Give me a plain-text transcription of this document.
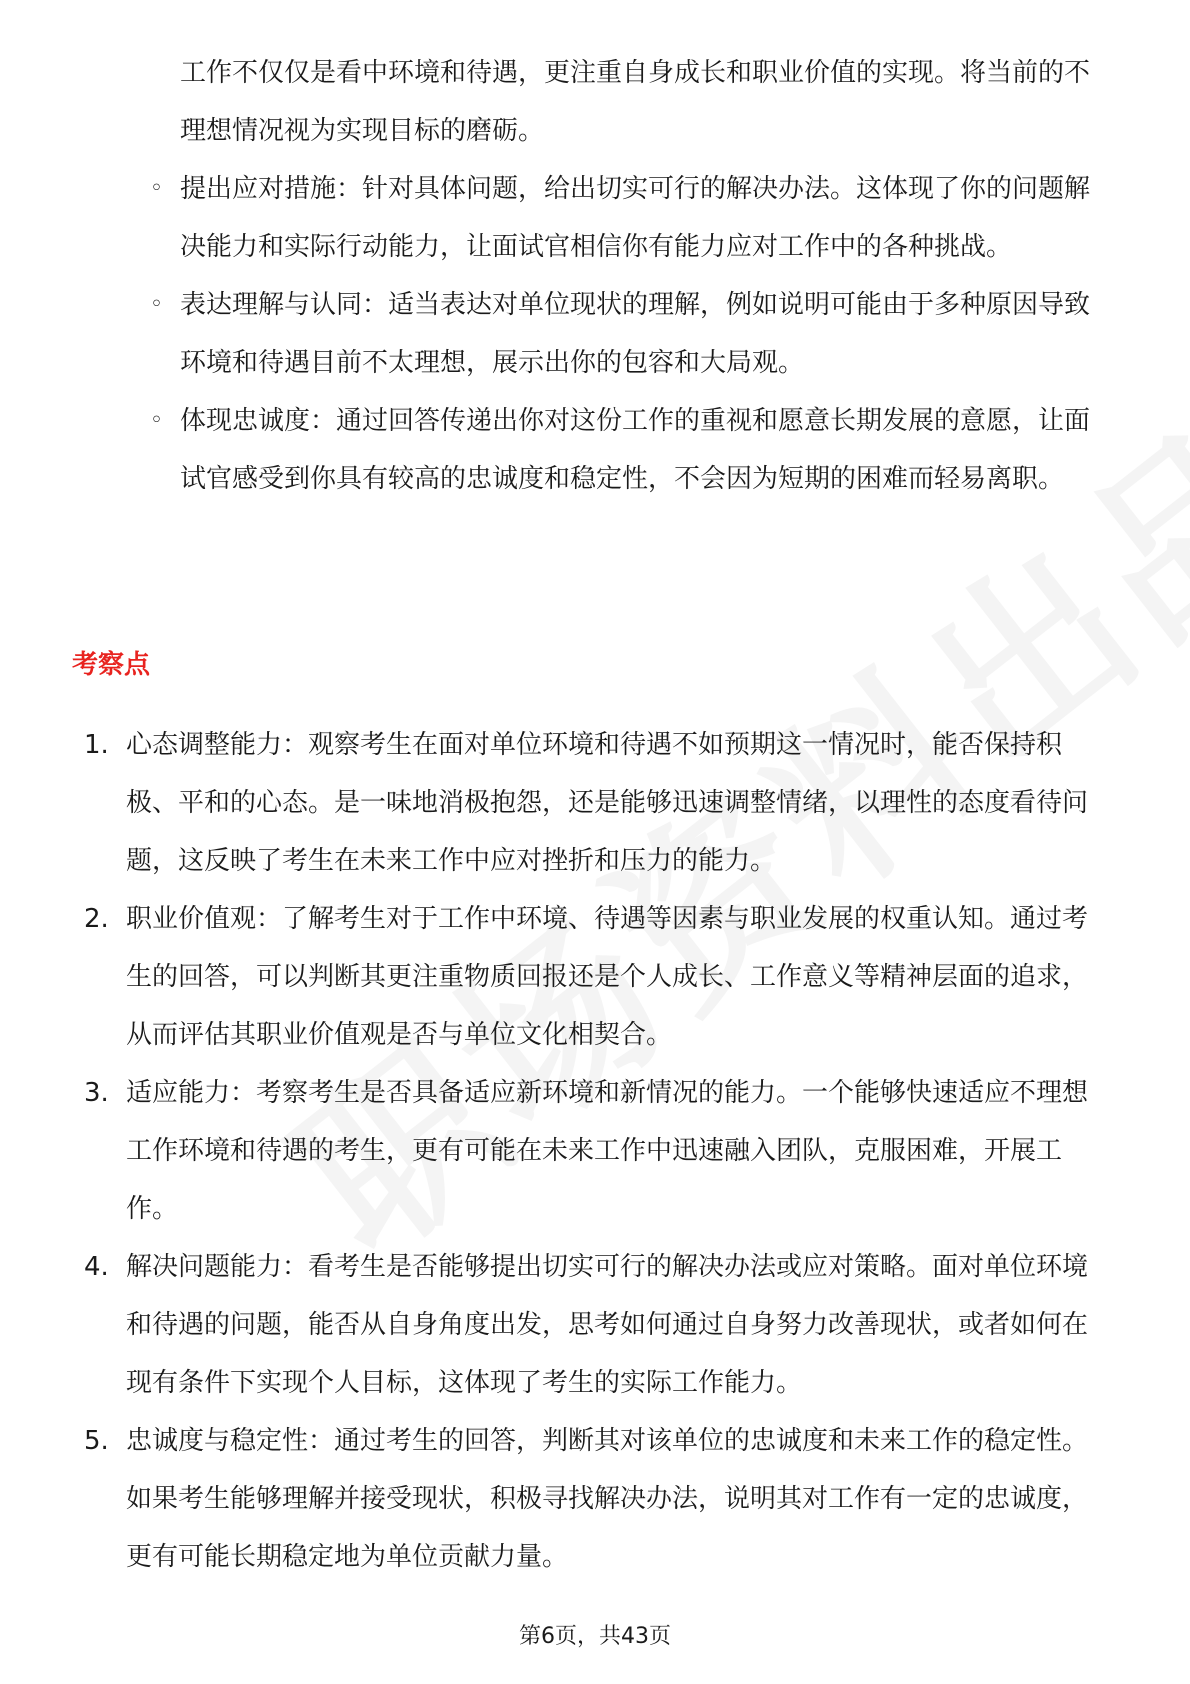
工作不仅仅是看中环境和待遇，更注重自身成长和职业价值的实现。将当前的不理想情况视为实现目标的磨砺。
◦ 提出应对措施：针对具体问题，给出切实可行的解决办法。这体现了你的问题解决能力和实际行动能力，让面试官相信你有能力应对工作中的各种挑战。
◦ 表达理解与认同：适当表达对单位现状的理解，例如说明可能由于多种原因导致环境和待遇目前不太理想，展示出你的包容和大局观。
◦ 体现忠诚度：通过回答传递出你对这份工作的重视和愿意长期发展的意愿，让面试官感受到你具有较高的忠诚度和稳定性，不会因为短期的困难而轻易离职。
考察点
1. 心态调整能力：观察考生在面对单位环境和待遇不如预期这一情况时，能否保持积极、平和的心态。是一味地消极抱怨，还是能够迅速调整情绪，以理性的态度看待问题，这反映了考生在未来工作中应对挫折和压力的能力。
2. 职业价值观：了解考生对于工作中环境、待遇等因素与职业发展的权重认知。通过考生的回答，可以判断其更注重物质回报还是个人成长、工作意义等精神层面的追求，从而评估其职业价值观是否与单位文化相契合。
3. 适应能力：考察考生是否具备适应新环境和新情况的能力。一个能够快速适应不理想工作环境和待遇的考生，更有可能在未来工作中迅速融入团队，克服困难，开展工作。
4. 解决问题能力：看考生是否能够提出切实可行的解决办法或应对策略。面对单位环境和待遇的问题，能否从自身角度出发，思考如何通过自身努力改善现状，或者如何在现有条件下实现个人目标，这体现了考生的实际工作能力。
5. 忠诚度与稳定性：通过考生的回答，判断其对该单位的忠诚度和未来工作的稳定性。如果考生能够理解并接受现状，积极寻找解决办法，说明其对工作有一定的忠诚度，更有可能长期稳定地为单位贡献力量。
第6页，共43页
